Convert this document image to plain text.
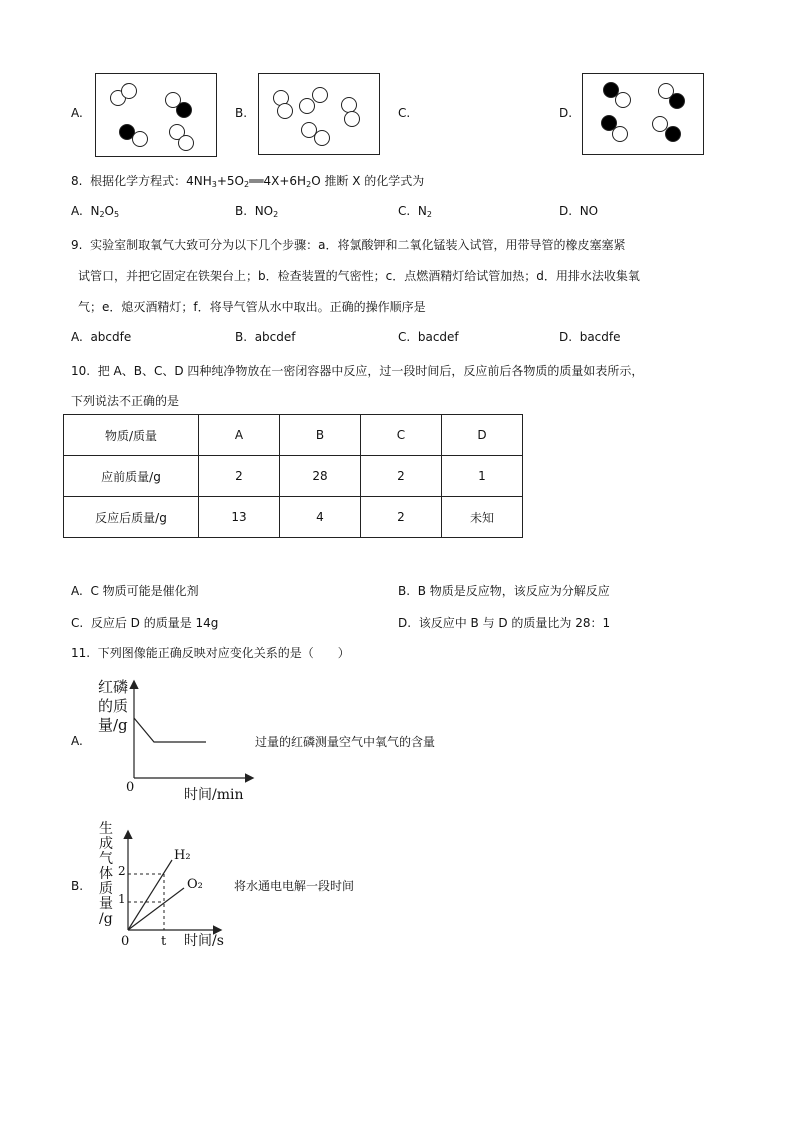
A.	B.	C.	D.
8. 根据化学方程式：$4NH_3+5O_2══4X+6H_2O$ 推断 X 的化学式为
A. $N_2O_5$	B. $NO_2$	C. $N_2$	D. NO
9. 实验室制取氧气大致可分为以下几个步骤：a．将氯酸钾和二氧化锰装入试管，用带导管的橡皮塞塞紧
试管口，并把它固定在铁架台上；b．检查装置的气密性；c．点燃酒精灯给试管加热；d．用排水法收集氧
气；e．熄灭酒精灯；f．将导气管从水中取出。正确的操作顺序是
A. abcdfe	B. abcdef	C. bacdef	D. bacdfe
10. 把 A、B、C、D 四种纯净物放在一密闭容器中反应，过一段时间后，反应前后各物质的质量如表所示，
下列说法不正确的是
物质/质量	A	B	C	D
应前质量/g	2	28	2	1
反应后质量/g	13	4	2	未知
A. C 物质可能是催化剂	B. B 物质是反应物，该反应为分解反应
C. 反应后 D 的质量是 14g	D. 该反应中 B 与 D 的质量比为 28：1
11. 下列图像能正确反映对应变化关系的是（　　）
A.
红磷
的质
量/g
0	时间/min
过量的红磷测量空气中氧气的含量
B.
生
成
气
体
质
量
/g
2
1
H₂
O₂
0 t 时间/s
将水通电电解一段时间
